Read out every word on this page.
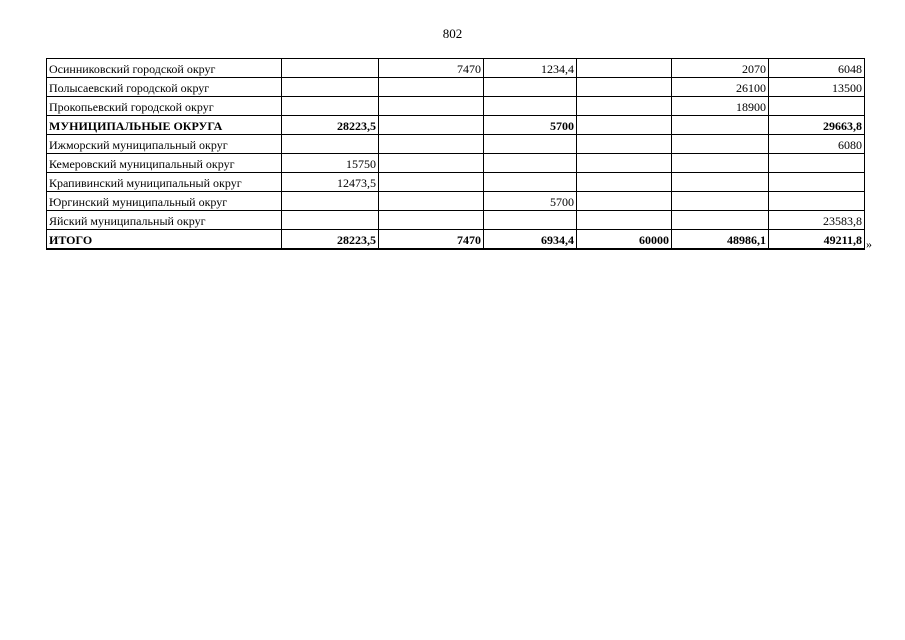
802
Осинниковский городской округ		7470	1234,4		2070	6048
Полысаевский городской округ					26100	13500
Прокопьевский городской округ					18900	
МУНИЦИПАЛЬНЫЕ ОКРУГА	28223,5		5700			29663,8
Ижморский муниципальный округ						6080
Кемеровский муниципальный округ	15750					
Крапивинский муниципальный округ	12473,5					
Юргинский муниципальный округ			5700			
Яйский муниципальный округ						23583,8
ИТОГО	28223,5	7470	6934,4	60000	48986,1	49211,8 »
